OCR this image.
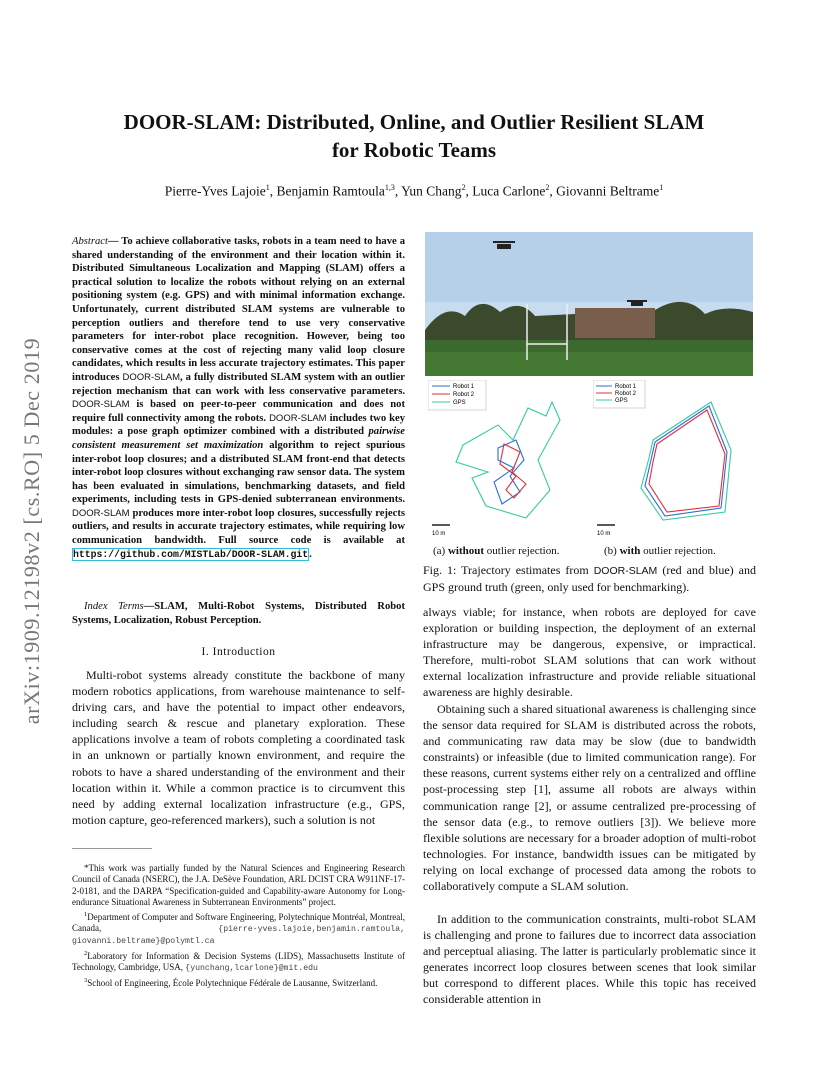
DOOR-SLAM: Distributed, Online, and Outlier Resilient SLAM
for Robotic Teams
Pierre-Yves Lajoie$^1$, Benjamin Ramtoula$^{1,3}$, Yun Chang$^2$, Luca Carlone$^2$, Giovanni Beltrame$^1$
arXiv:1909.12198v2 [cs.RO] 5 Dec 2019
Abstract— To achieve collaborative tasks, robots in a team need to have a shared understanding of the environment and their location within it. Distributed Simultaneous Localization and Mapping (SLAM) offers a practical solution to localize the robots without relying on an external positioning system (e.g. GPS) and with minimal information exchange. Unfortunately, current distributed SLAM systems are vulnerable to perception outliers and therefore tend to use very conservative parameters for inter-robot place recognition. However, being too conservative comes at the cost of rejecting many valid loop closure candidates, which results in less accurate trajectory estimates. This paper introduces DOOR-SLAM, a fully distributed SLAM system with an outlier rejection mechanism that can work with less conservative parameters. DOOR-SLAM is based on peer-to-peer communication and does not require full connectivity among the robots. DOOR-SLAM includes two key modules: a pose graph optimizer combined with a distributed pairwise consistent measurement set maximization algorithm to reject spurious inter-robot loop closures; and a distributed SLAM front-end that detects inter-robot loop closures without exchanging raw sensor data. The system has been evaluated in simulations, benchmarking datasets, and field experiments, including tests in GPS-denied subterranean environments. DOOR-SLAM produces more inter-robot loop closures, successfully rejects outliers, and results in accurate trajectory estimates, while requiring low communication bandwidth. Full source code is available at https://github.com/MISTLab/DOOR-SLAM.git.
Index Terms—SLAM, Multi-Robot Systems, Distributed Robot Systems, Localization, Robust Perception.
I. Introduction
Multi-robot systems already constitute the backbone of many modern robotics applications, from warehouse maintenance to self-driving cars, and have the potential to impact other endeavors, including search & rescue and planetary exploration. These applications involve a team of robots completing a coordinated task in an unknown or partially known environment, and require the robots to have a shared understanding of the environment and their location within it. While a common practice is to circumvent this need by adding external localization infrastructure (e.g., GPS, motion capture, geo-referenced markers), such a solution is not

*This work was partially funded by the Natural Sciences and Engineering Research Council of Canada (NSERC), the J.A. DeSève Foundation, ARL DCIST CRA W911NF-17-2-0181, and the DARPA “Specification-guided and Capability-aware Autonomy for Long-endurance Situational Awareness in Subterranean Environments” project.

$^1$Department of Computer and Software Engineering, Polytechnique Montréal, Montreal, Canada, {pierre-yves.lajoie,benjamin.ramtoula, giovanni.beltrame}@polymtl.ca

$^2$Laboratory for Information & Decision Systems (LIDS), Massachusetts Institute of Technology, Cambridge, USA, {yunchang,lcarlone}@mit.edu

$^3$School of Engineering, École Polytechnique Fédérale de Lausanne, Switzerland.

Robot 1
Robot 2
GPS
10 m
Robot 1
Robot 2
GPS
10 m
(a) without outlier rejection.	(b) with outlier rejection.
Fig. 1: Trajectory estimates from DOOR-SLAM (red and blue) and GPS ground truth (green, only used for benchmarking).
always viable; for instance, when robots are deployed for cave exploration or building inspection, the deployment of an external infrastructure may be dangerous, expensive, or impractical. Therefore, multi-robot SLAM solutions that can work without external localization infrastructure and provide reliable situational awareness are highly desirable.
Obtaining such a shared situational awareness is challenging since the sensor data required for SLAM is distributed across the robots, and communicating raw data may be slow (due to bandwidth constraints) or infeasible (due to limited communication range). For these reasons, current systems either rely on a centralized and offline post-processing step [1], assume all robots are always within communication range [2], or assume centralized pre-processing of the sensor data (e.g., to remove outliers [3]). We believe more flexible solutions are necessary for a broader adoption of multi-robot technologies. For instance, bandwidth issues can be mitigated by relying on local exchange of processed data among the robots to collaboratively compute a SLAM solution.
In addition to the communication constraints, multi-robot SLAM is challenging and prone to failures due to incorrect data association and perceptual aliasing. The latter is particularly problematic since it generates incorrect loop closures between scenes that look similar but correspond to different places. While this topic has received considerable attention in
